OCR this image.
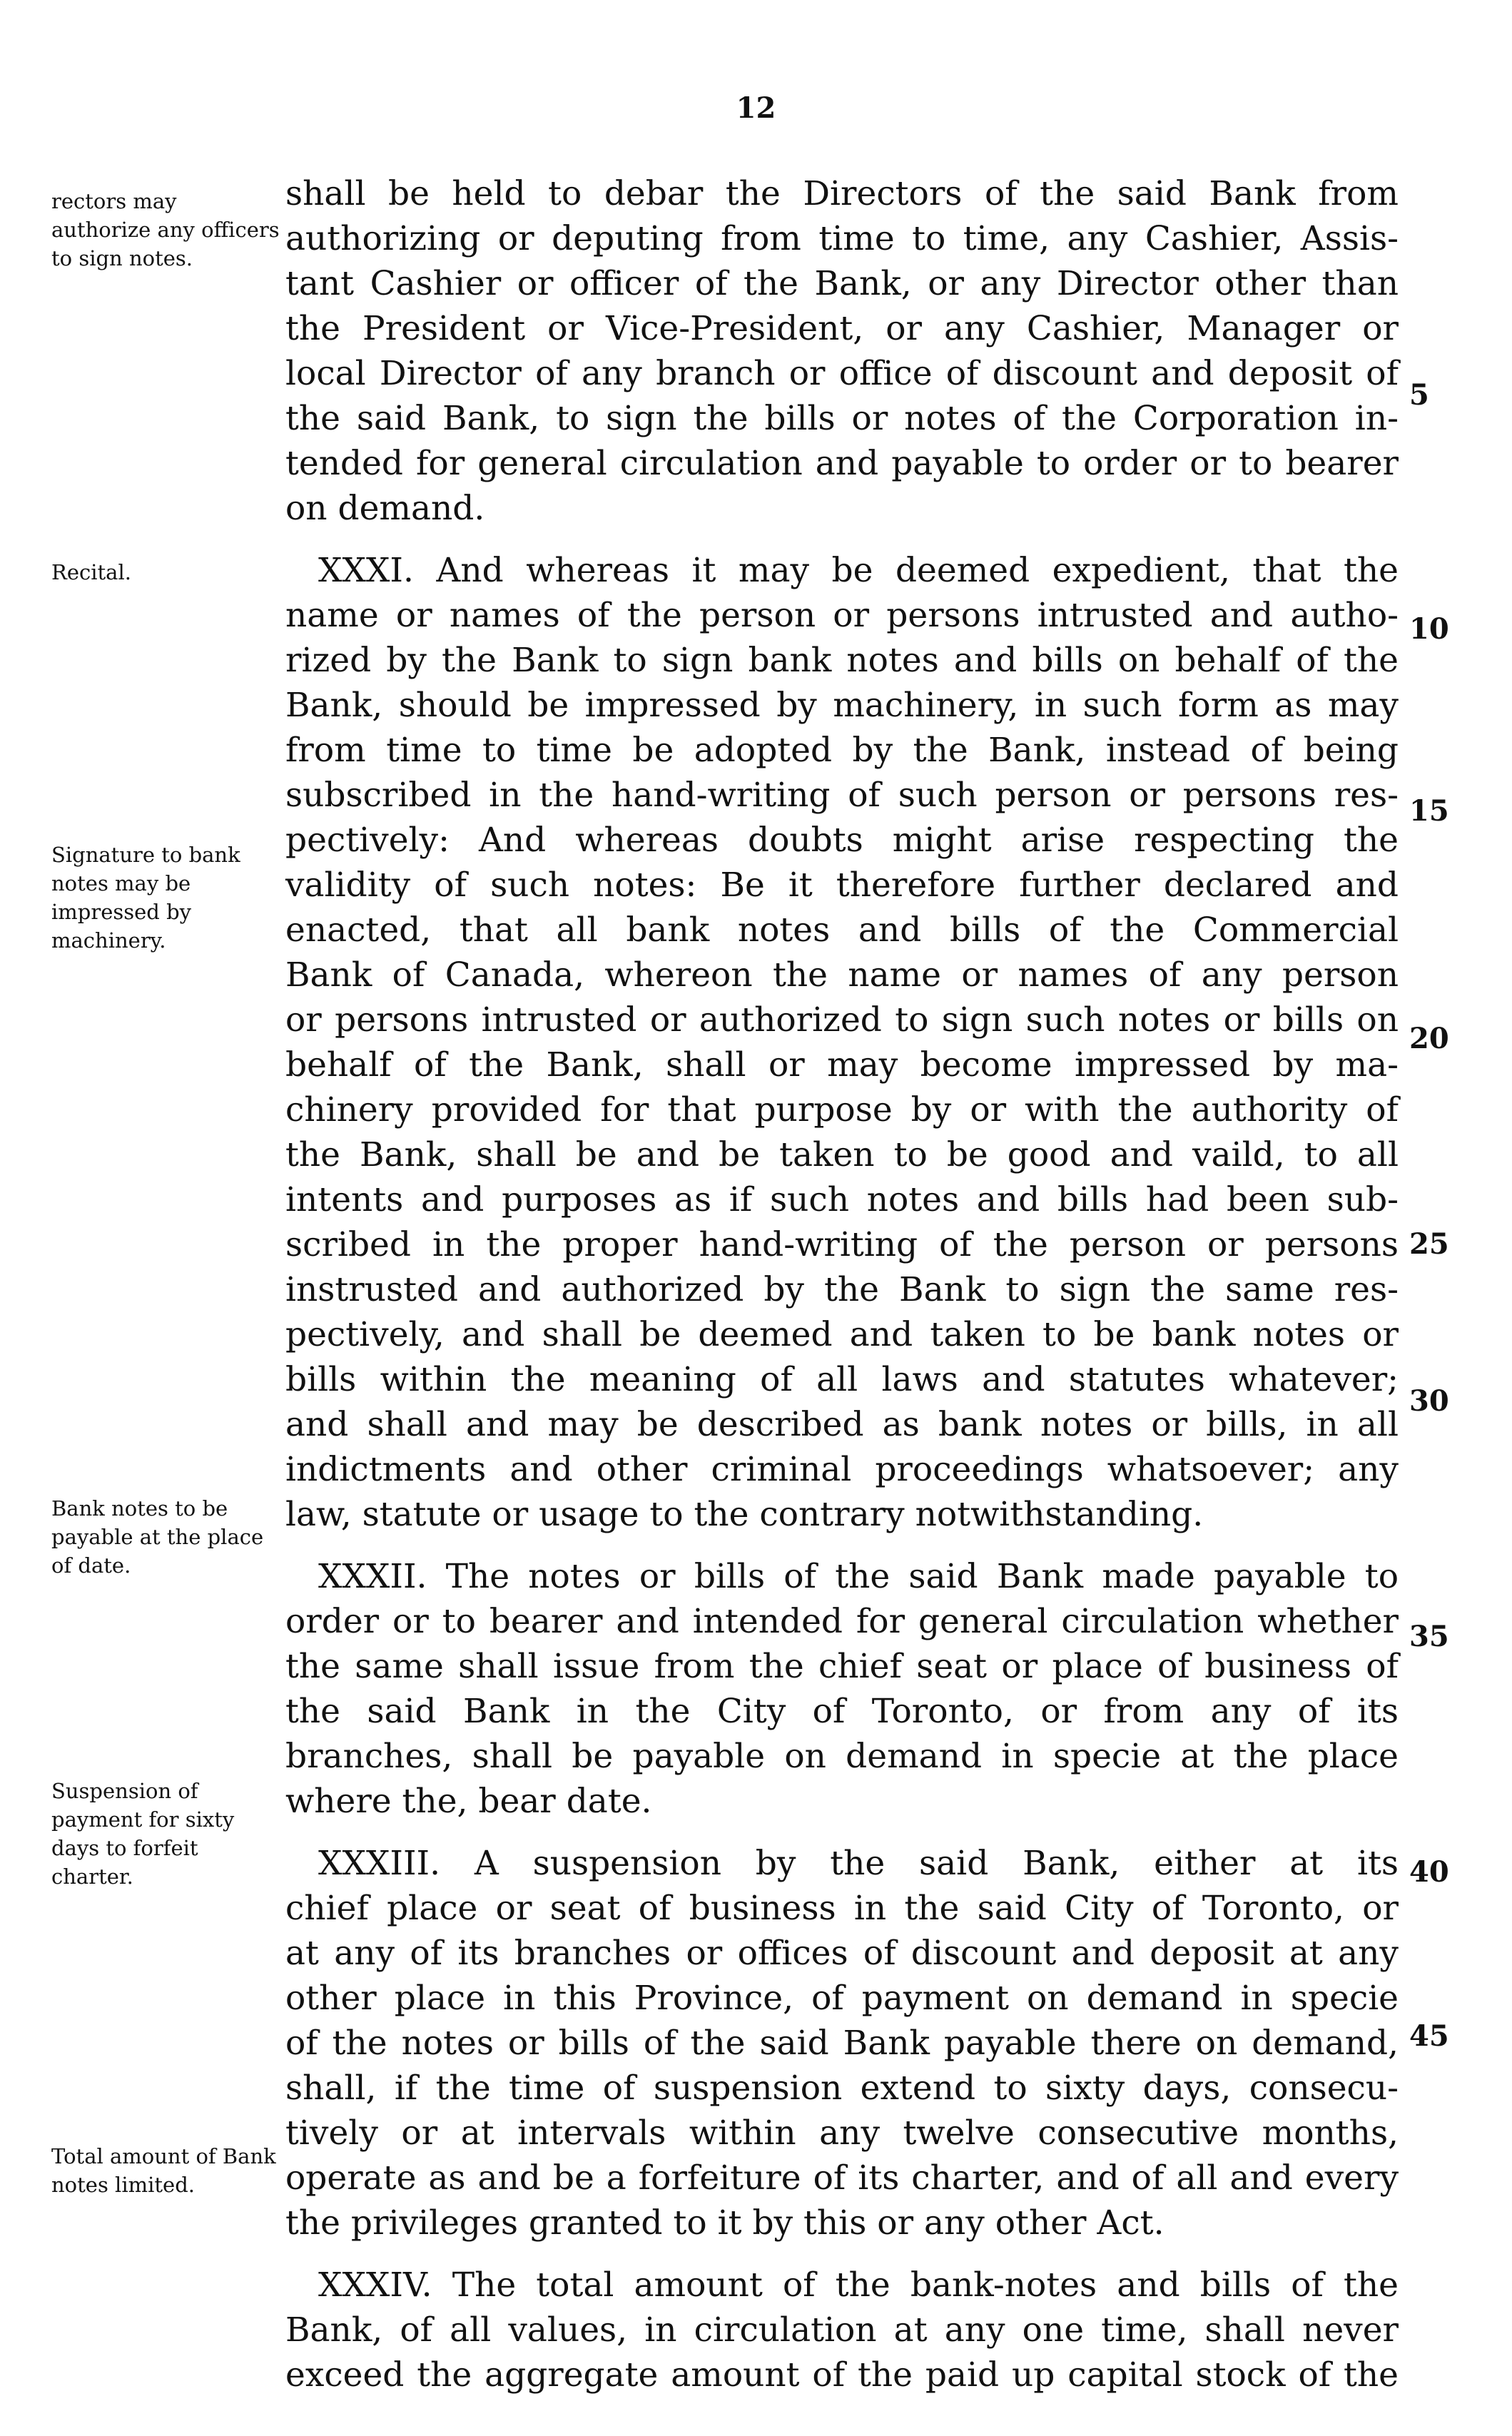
12
rectors may authorize any officers to sign notes.
Recital.
Signature to bank notes may be impressed by machinery.
Bank notes to be payable at the place of date.
Suspension of payment for sixty days to forfeit charter.
Total amount of Bank notes limited.
5
10
15
20
25
30
35
40
45
shall be held to debar the Directors of the said Bank from
authorizing or deputing from time to time, any Cashier, Assis-
tant Cashier or officer of the Bank, or any Director other than
the President or Vice-President, or any Cashier, Manager or
local Director of any branch or office of discount and deposit of
the said Bank, to sign the bills or notes of the Corporation in-
tended for general circulation and payable to order or to bearer
on demand.
XXXI. And whereas it may be deemed expedient, that the
name or names of the person or persons intrusted and autho-
rized by the Bank to sign bank notes and bills on behalf of the
Bank, should be impressed by machinery, in such form as may
from time to time be adopted by the Bank, instead of being
subscribed in the hand-writing of such person or persons res-
pectively: And whereas doubts might arise respecting the
validity of such notes: Be it therefore further declared and
enacted, that all bank notes and bills of the Commercial
Bank of Canada, whereon the name or names of any person
or persons intrusted or authorized to sign such notes or bills on
behalf of the Bank, shall or may become impressed by ma-
chinery provided for that purpose by or with the authority of
the Bank, shall be and be taken to be good and vaild, to all
intents and purposes as if such notes and bills had been sub-
scribed in the proper hand-writing of the person or persons
instrusted and authorized by the Bank to sign the same res-
pectively, and shall be deemed and taken to be bank notes or
bills within the meaning of all laws and statutes whatever;
and shall and may be described as bank notes or bills, in all
indictments and other criminal proceedings whatsoever; any
law, statute or usage to the contrary notwithstanding.
XXXII. The notes or bills of the said Bank made payable to
order or to bearer and intended for general circulation whether
the same shall issue from the chief seat or place of business of
the said Bank in the City of Toronto, or from any of its
branches, shall be payable on demand in specie at the place
where the, bear date.
XXXIII. A suspension by the said Bank, either at its
chief place or seat of business in the said City of Toronto, or
at any of its branches or offices of discount and deposit at any
other place in this Province, of payment on demand in specie
of the notes or bills of the said Bank payable there on demand,
shall, if the time of suspension extend to sixty days, consecu-
tively or at intervals within any twelve consecutive months,
operate as and be a forfeiture of its charter, and of all and every
the privileges granted to it by this or any other Act.
XXXIV. The total amount of the bank-notes and bills of the
Bank, of all values, in circulation at any one time, shall never
exceed the aggregate amount of the paid up capital stock of the
